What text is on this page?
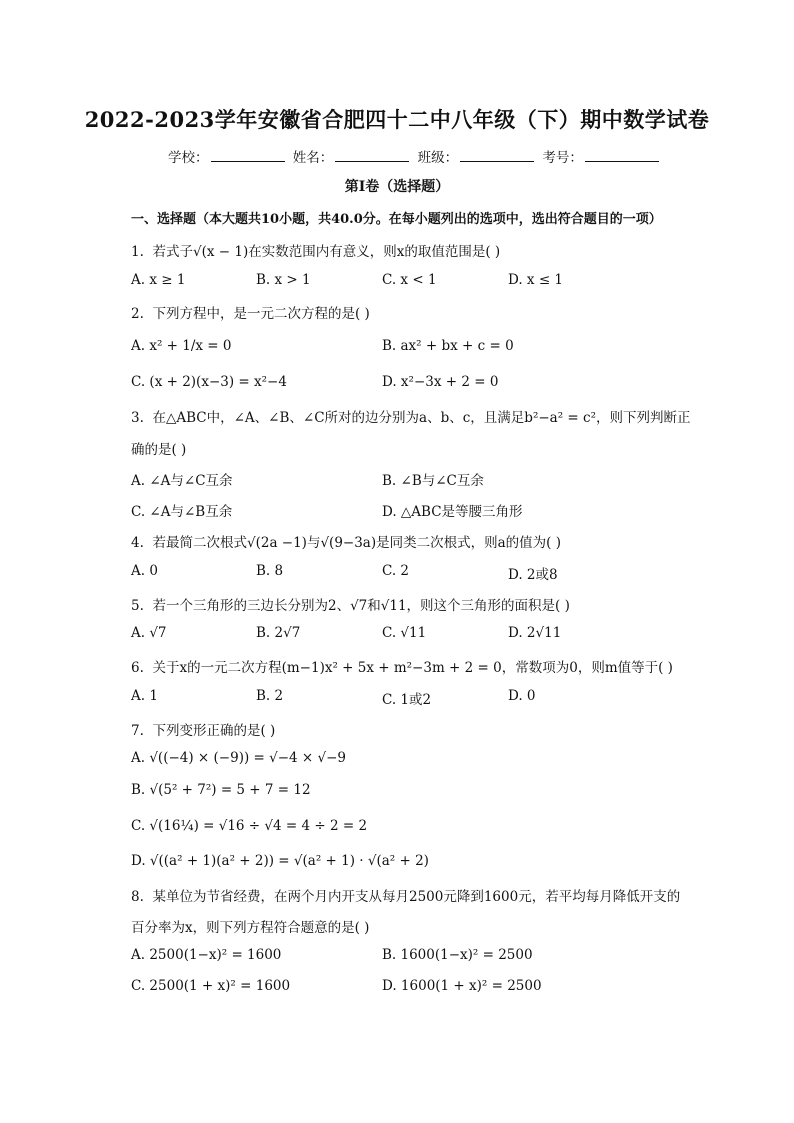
2022-2023学年安徽省合肥四十二中八年级（下）期中数学试卷
学校：	姓名：	班级：	考号：
第I卷（选择题）
一、选择题（本大题共10小题，共40.0分。在每小题列出的选项中，选出符合题目的一项）
1. 若式子√(x − 1)在实数范围内有意义，则x的取值范围是( )
A. x ≥ 1	B. x > 1	C. x < 1	D. x ≤ 1
2. 下列方程中，是一元二次方程的是( )
A. x² + 1/x = 0	B. ax² + bx + c = 0
C. (x + 2)(x−3) = x²−4	D. x²−3x + 2 = 0
3. 在△ABC中，∠A、∠B、∠C所对的边分别为a、b、c，且满足b²−a² = c²，则下列判断正
确的是( )
A. ∠A与∠C互余	B. ∠B与∠C互余
C. ∠A与∠B互余	D. △ABC是等腰三角形
4. 若最简二次根式√(2a −1)与√(9−3a)是同类二次根式，则a的值为( )
A. 0	B. 8	C. 2	D. 2或8
5. 若一个三角形的三边长分别为2、√7和√11，则这个三角形的面积是( )
A. √7	B. 2√7	C. √11	D. 2√11
6. 关于x的一元二次方程(m−1)x² + 5x + m²−3m + 2 = 0，常数项为0，则m值等于( )
A. 1	B. 2	C. 1或2	D. 0
7. 下列变形正确的是( )
A. √((−4) × (−9)) = √−4 × √−9
B. √(5² + 7²) = 5 + 7 = 12
C. √(16¼) = √16 ÷ √4 = 4 ÷ 2 = 2
D. √((a² + 1)(a² + 2)) = √(a² + 1) · √(a² + 2)
8. 某单位为节省经费，在两个月内开支从每月2500元降到1600元，若平均每月降低开支的
百分率为x，则下列方程符合题意的是( )
A. 2500(1−x)² = 1600	B. 1600(1−x)² = 2500
C. 2500(1 + x)² = 1600	D. 1600(1 + x)² = 2500
